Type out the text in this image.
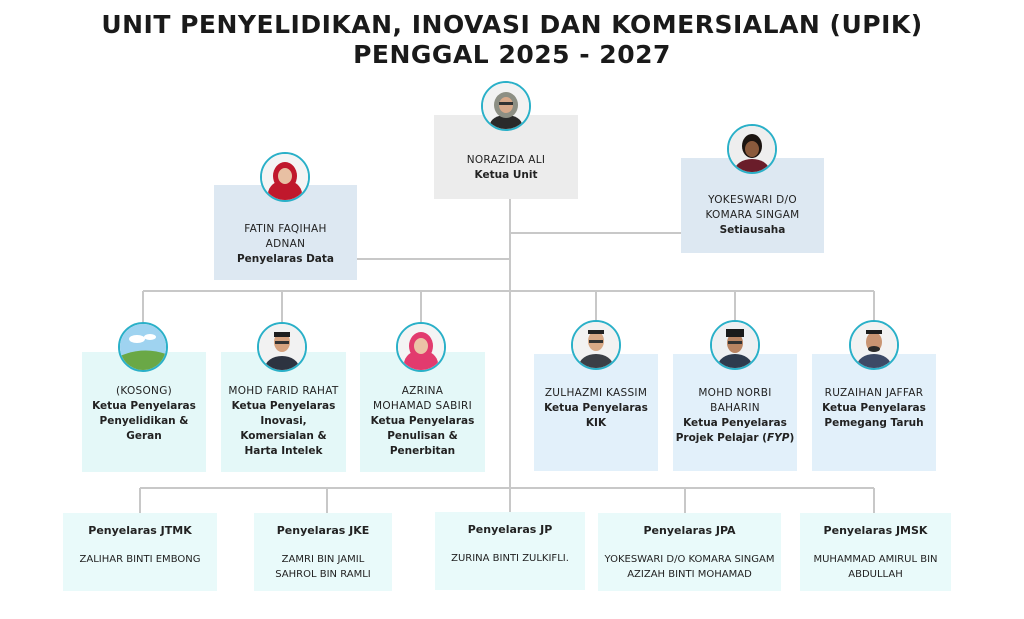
UNIT PENYELIDIKAN, INOVASI DAN KOMERSIALAN (UPIK)
PENGGAL 2025 - 2027
NORAZIDA ALI
Ketua Unit
YOKESWARI D/O
KOMARA SINGAM
Setiausaha
FATIN FAQIHAH
ADNAN
Penyelaras Data
(KOSONG)
Ketua Penyelaras
Penyelidikan &
Geran
MOHD FARID RAHAT
Ketua Penyelaras
Inovasi,
Komersialan &
Harta Intelek
AZRINA MOHAMAD SABIRI
Ketua Penyelaras
Penulisan &
Penerbitan
ZULHAZMI KASSIM
Ketua Penyelaras
KIK
MOHD NORBI BAHARIN
Ketua Penyelaras
Projek Pelajar (FYP)
RUZAIHAN JAFFAR
Ketua Penyelaras
Pemegang Taruh
Penyelaras JTMK
ZALIHAR BINTI EMBONG
Penyelaras JKE
ZAMRI BIN JAMIL
SAHROL BIN RAMLI
Penyelaras JP
ZURINA BINTI ZULKIFLI.
Penyelaras JPA
YOKESWARI D/O KOMARA SINGAM
AZIZAH BINTI MOHAMAD
Penyelaras JMSK
MUHAMMAD AMIRUL BIN
ABDULLAH
